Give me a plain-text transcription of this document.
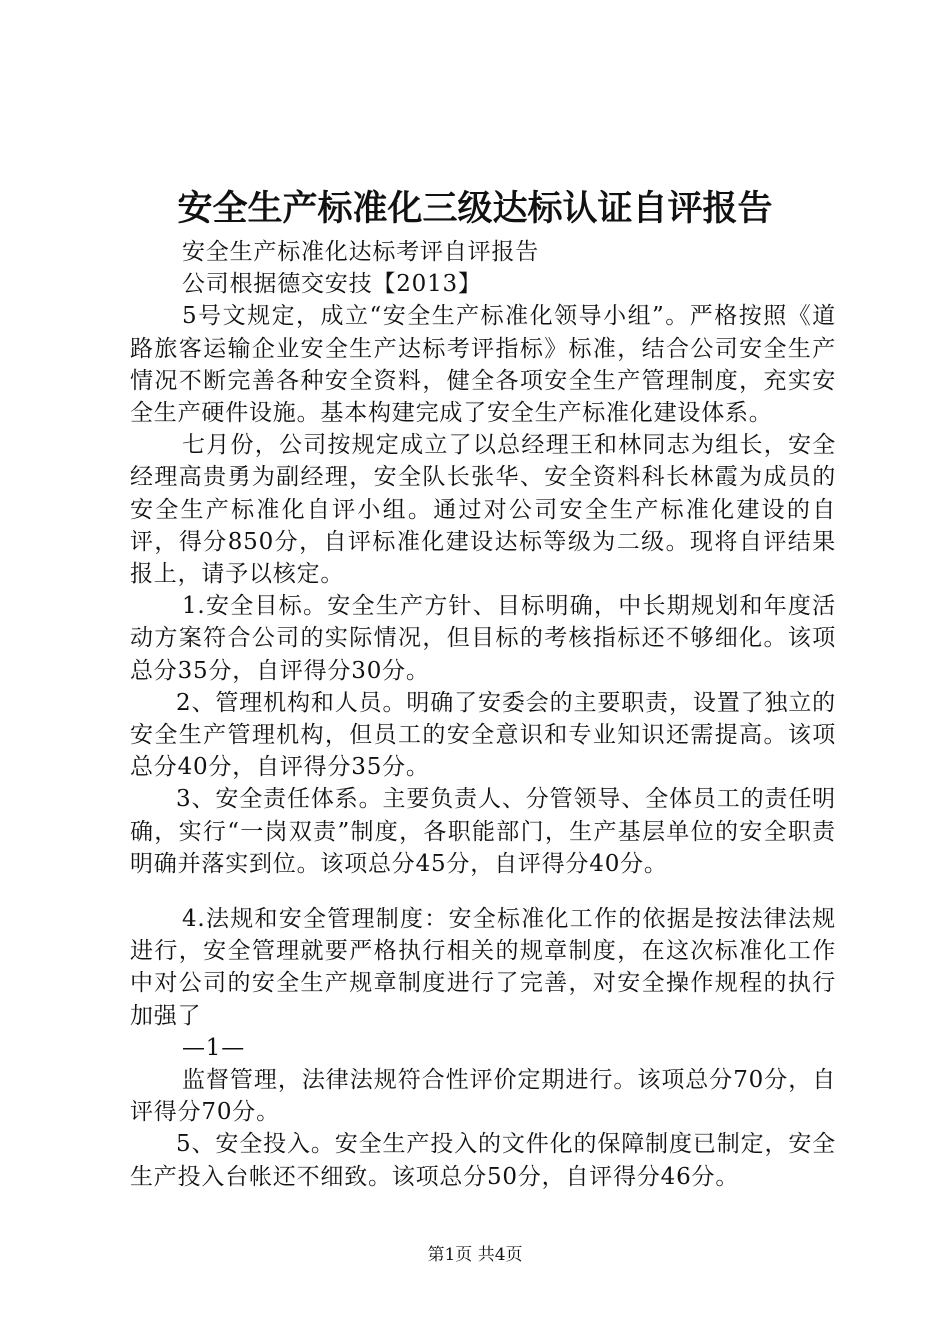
安全生产标准化三级达标认证自评报告

安全生产标准化达标考评自评报告

公司根据德交安技【2013】

5号文规定，成立“安全生产标准化领导小组”。严格按照《道路旅客运输企业安全生产达标考评指标》标准，结合公司安全生产情况不断完善各种安全资料，健全各项安全生产管理制度，充实安全生产硬件设施。基本构建完成了安全生产标准化建设体系。

七月份，公司按规定成立了以总经理王和林同志为组长，安全经理高贵勇为副经理，安全队长张华、安全资料科长林霞为成员的安全生产标准化自评小组。通过对公司安全生产标准化建设的自评，得分850分，自评标准化建设达标等级为二级。现将自评结果报上，请予以核定。

1.安全目标。安全生产方针、目标明确，中长期规划和年度活动方案符合公司的实际情况，但目标的考核指标还不够细化。该项总分35分，自评得分30分。

2、管理机构和人员。明确了安委会的主要职责，设置了独立的安全生产管理机构，但员工的安全意识和专业知识还需提高。该项总分40分，自评得分35分。

3、安全责任体系。主要负责人、分管领导、全体员工的责任明确，实行“一岗双责”制度，各职能部门，生产基层单位的安全职责明确并落实到位。该项总分45分，自评得分40分。

4.法规和安全管理制度：安全标准化工作的依据是按法律法规进行，安全管理就要严格执行相关的规章制度，在这次标准化工作中对公司的安全生产规章制度进行了完善，对安全操作规程的执行加强了

—1—

监督管理，法律法规符合性评价定期进行。该项总分70分，自评得分70分。

5、安全投入。安全生产投入的文件化的保障制度已制定，安全生产投入台帐还不细致。该项总分50分，自评得分46分。

第1页 共4页
